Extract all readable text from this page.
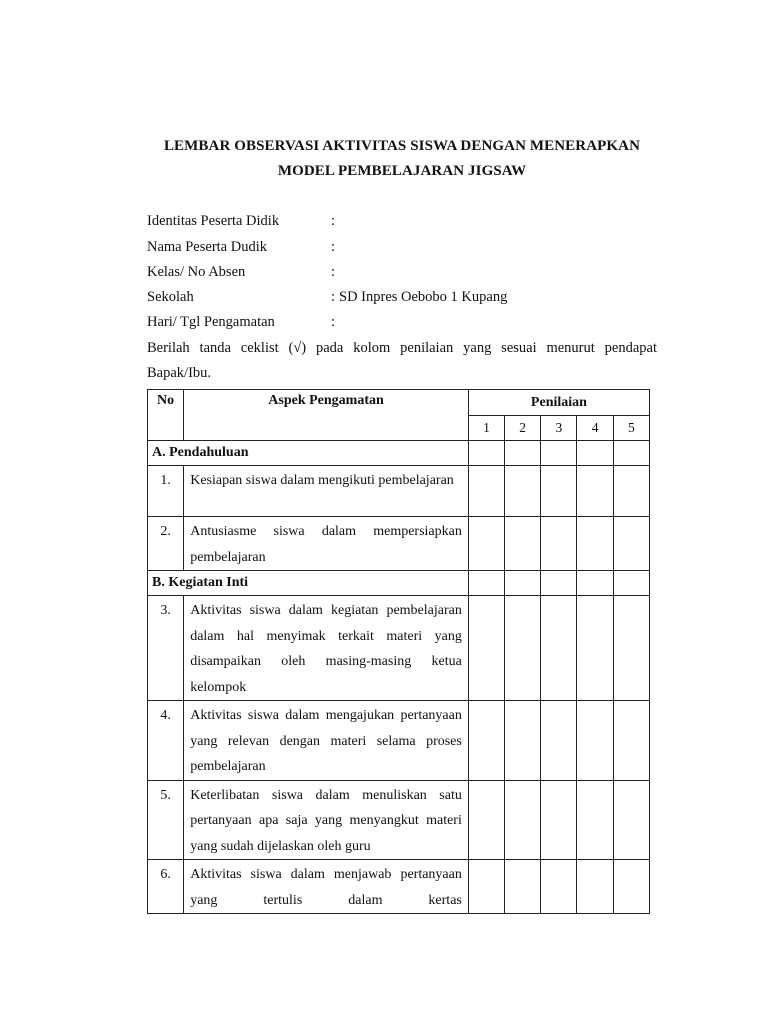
LEMBAR OBSERVASI AKTIVITAS SISWA DENGAN MENERAPKAN
MODEL PEMBELAJARAN JIGSAW
Identitas Peserta Didik	:
Nama Peserta Dudik	:
Kelas/ No Absen	:
Sekolah	: SD Inpres Oebobo 1 Kupang
Hari/ Tgl Pengamatan	:
Berilah tanda ceklist (√) pada kolom penilaian yang sesuai menurut pendapat Bapak/Ibu.
No	Aspek Pengamatan	Penilaian				
		1	2	3	4	5
A. Pendahuluan						
1.	Kesiapan siswa dalam mengikuti pembelajaran					
2.	Antusiasme siswa dalam mempersiapkan pembelajaran					
B. Kegiatan Inti						
3.	Aktivitas siswa dalam kegiatan pembelajaran dalam hal menyimak terkait materi yang disampaikan oleh masing-masing ketua kelompok					
4.	Aktivitas siswa dalam mengajukan pertanyaan yang relevan dengan materi selama proses pembelajaran					
5.	Keterlibatan siswa dalam menuliskan satu pertanyaan apa saja yang menyangkut materi yang sudah dijelaskan oleh guru					
6.	Aktivitas siswa dalam menjawab pertanyaan yang tertulis dalam kertas					
